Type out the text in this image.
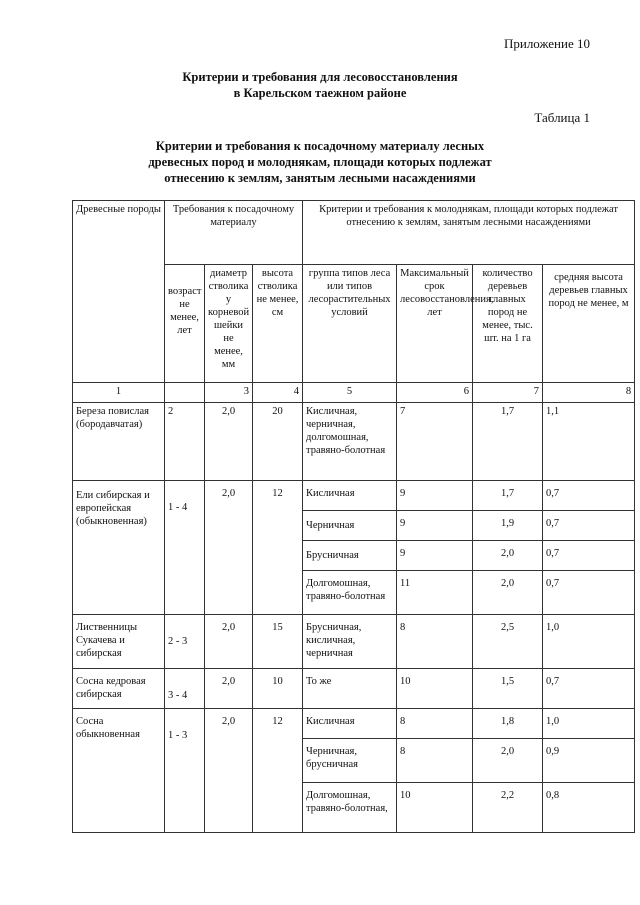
Приложение 10
Критерии и требования для лесовосстановления
в Карельском таежном районе
Таблица 1
Критерии и требования к посадочному материалу лесных
древесных пород и молоднякам, площади которых подлежат
отнесению к землям, занятым лесными насаждениями
Древесные породы	Требования к посадочному материалу			Критерии и требования к молоднякам, площади которых подлежат отнесению к землям, занятым лесными насаждениями			
	возраст не менее, лет	диаметр стволика у корневой шейки не менее, мм	высота стволика не менее, см	группа типов леса или типов лесорастительных условий	Максимальный срок лесовосстановления, лет	количество деревьев главных пород не менее, тыс. шт. на 1 га	средняя высота деревьев главных пород не менее, м
1		3	4	5	6	7	8
Береза повислая (бородавчатая)	2	2,0	20	Кисличная, черничная, долгомошная, травяно-болотная	7	1,7	1,1
Ели сибирская и европейская (обыкновенная)	1 - 4	2,0	12	Кисличная	9	1,7	0,7
				Черничная	9	1,9	0,7
				Брусничная	9	2,0	0,7
				Долгомошная, травяно-болотная	11	2,0	0,7
Лиственницы Сукачева и сибирская	2 - 3	2,0	15	Брусничная, кисличная, черничная	8	2,5	1,0
Сосна кедровая сибирская	3 - 4	2,0	10	То же	10	1,5	0,7
Сосна обыкновенная	1 - 3	2,0	12	Кисличная	8	1,8	1,0
				Черничная, брусничная	8	2,0	0,9
				Долгомошная, травяно-болотная,	10	2,2	0,8
